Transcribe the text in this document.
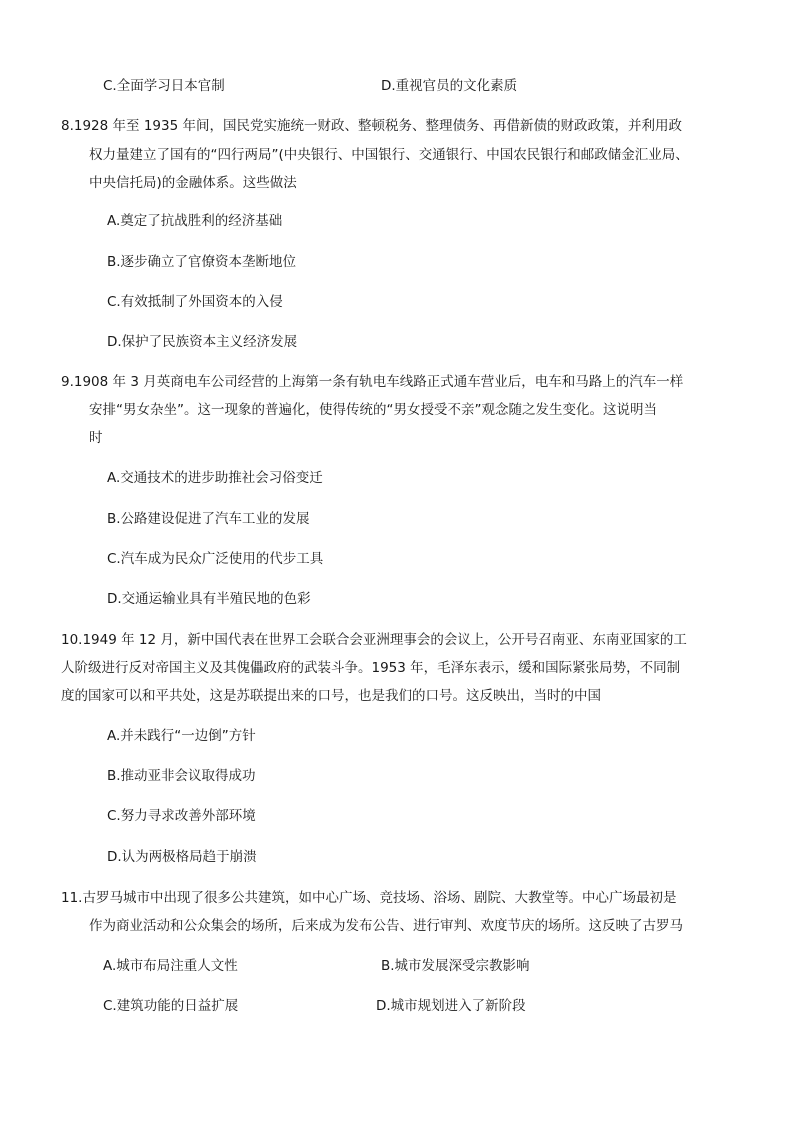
C.全面学习日本官制	D.重视官员的文化素质
8.1928 年至 1935 年间，国民党实施统一财政、整顿税务、整理债务、再借新债的财政政策，并利用政
权力量建立了国有的“四行两局”(中央银行、中国银行、交通银行、中国农民银行和邮政储金汇业局、
中央信托局)的金融体系。这些做法
A.奠定了抗战胜利的经济基础
B.逐步确立了官僚资本垄断地位
C.有效抵制了外国资本的入侵
D.保护了民族资本主义经济发展
9.1908 年 3 月英商电车公司经营的上海第一条有轨电车线路正式通车营业后，电车和马路上的汽车一样
安排“男女杂坐”。这一现象的普遍化，使得传统的“男女授受不亲”观念随之发生变化。这说明当
时
A.交通技术的进步助推社会习俗变迁
B.公路建设促进了汽车工业的发展
C.汽车成为民众广泛使用的代步工具
D.交通运输业具有半殖民地的色彩
10.1949 年 12 月，新中国代表在世界工会联合会亚洲理事会的会议上，公开号召南亚、东南亚国家的工
人阶级进行反对帝国主义及其傀儡政府的武装斗争。1953 年，毛泽东表示，缓和国际紧张局势，不同制
度的国家可以和平共处，这是苏联提出来的口号，也是我们的口号。这反映出，当时的中国
A.并未践行“一边倒”方针
B.推动亚非会议取得成功
C.努力寻求改善外部环境
D.认为两极格局趋于崩溃
11.古罗马城市中出现了很多公共建筑，如中心广场、竞技场、浴场、剧院、大教堂等。中心广场最初是
作为商业活动和公众集会的场所，后来成为发布公告、进行审判、欢度节庆的场所。这反映了古罗马
A.城市布局注重人文性	B.城市发展深受宗教影响
C.建筑功能的日益扩展	D.城市规划进入了新阶段
